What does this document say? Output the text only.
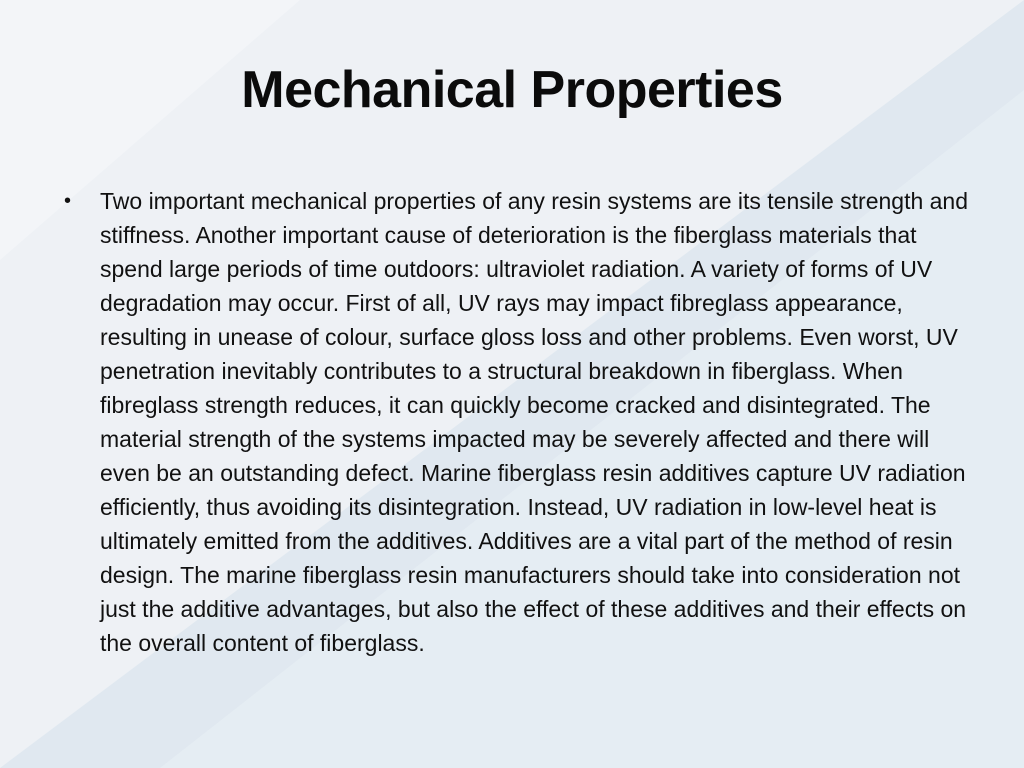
Mechanical Properties
• Two important mechanical properties of any resin systems are its tensile strength and stiffness. Another important cause of deterioration is the fiberglass materials that spend large periods of time outdoors: ultraviolet radiation. A variety of forms of UV degradation may occur. First of all, UV rays may impact fibreglass appearance, resulting in unease of colour, surface gloss loss and other problems. Even worst, UV penetration inevitably contributes to a structural breakdown in fiberglass. When fibreglass strength reduces, it can quickly become cracked and disintegrated. The material strength of the systems impacted may be severely affected and there will even be an outstanding defect. Marine fiberglass resin additives capture UV radiation efficiently, thus avoiding its disintegration. Instead, UV radiation in low-level heat is ultimately emitted from the additives. Additives are a vital part of the method of resin design. The marine fiberglass resin manufacturers should take into consideration not just the additive advantages, but also the effect of these additives and their effects on the overall content of fiberglass.
